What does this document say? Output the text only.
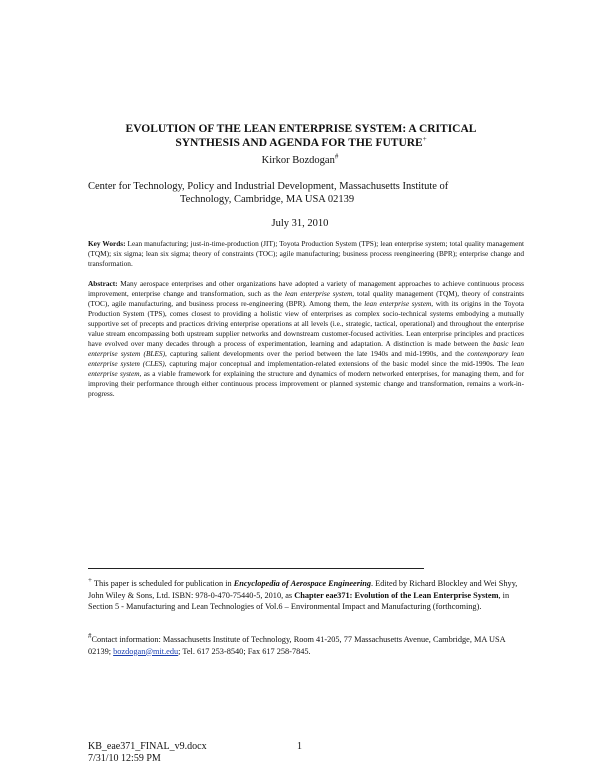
EVOLUTION OF THE LEAN ENTERPRISE SYSTEM: A CRITICAL
SYNTHESIS AND AGENDA FOR THE FUTURE+
Kirkor Bozdogan#
Center for Technology, Policy and Industrial Development, Massachusetts Institute of
Technology, Cambridge, MA USA 02139
July 31, 2010
Key Words: Lean manufacturing; just-in-time-production (JIT); Toyota Production System (TPS); lean enterprise system; total quality management (TQM); six sigma; lean six sigma; theory of constraints (TOC); agile manufacturing; business process reengineering (BPR); enterprise change and transformation.
Abstract: Many aerospace enterprises and other organizations have adopted a variety of management approaches to achieve continuous process improvement, enterprise change and transformation, such as the lean enterprise system, total quality management (TQM), theory of constraints (TOC), agile manufacturing, and business process re-engineering (BPR). Among them, the lean enterprise system, with its origins in the Toyota Production System (TPS), comes closest to providing a holistic view of enterprises as complex socio-technical systems embodying a mutually supportive set of precepts and practices driving enterprise operations at all levels (i.e., strategic, tactical, operational) and throughout the enterprise value stream encompassing both upstream supplier networks and downstream customer-focused activities. Lean enterprise principles and practices have evolved over many decades through a process of experimentation, learning and adaptation. A distinction is made between the basic lean enterprise system (BLES), capturing salient developments over the period between the late 1940s and mid-1990s, and the contemporary lean enterprise system (CLES), capturing major conceptual and implementation-related extensions of the basic model since the mid-1990s. The lean enterprise system, as a viable framework for explaining the structure and dynamics of modern networked enterprises, for managing them, and for improving their performance through either continuous process improvement or planned systemic change and transformation, remains a work-in-progress.
+ This paper is scheduled for publication in Encyclopedia of Aerospace Engineering. Edited by Richard Blockley and Wei Shyy, John Wiley & Sons, Ltd. ISBN: 978-0-470-75440-5, 2010, as Chapter eae371: Evolution of the Lean Enterprise System, in Section 5 - Manufacturing and Lean Technologies of Vol.6 – Environmental Impact and Manufacturing (forthcoming).
#Contact information: Massachusetts Institute of Technology, Room 41-205, 77 Massachusetts Avenue, Cambridge, MA USA 02139; bozdogan@mit.edu; Tel. 617 253-8540; Fax 617 258-7845.
KB_eae371_FINAL_v9.docx
7/31/10 12:59 PM
1
